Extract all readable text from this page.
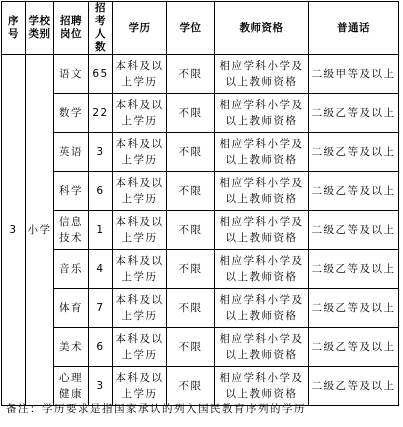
序号	学校类别	招聘岗位	招考人数	学历	学位	教师资格	普通话
3	小学	语文	65	本科及以上学历	不限	相应学科小学及以上教师资格	二级甲等及以上
		数学	22	本科及以上学历	不限	相应学科小学及以上教师资格	二级乙等及以上
		英语	3	本科及以上学历	不限	相应学科小学及以上教师资格	二级乙等及以上
		科学	6	本科及以上学历	不限	相应学科小学及以上教师资格	二级乙等及以上
		信息技术	1	本科及以上学历	不限	相应学科小学及以上教师资格	二级乙等及以上
		音乐	4	本科及以上学历	不限	相应学科小学及以上教师资格	二级乙等及以上
		体育	7	本科及以上学历	不限	相应学科小学及以上教师资格	二级乙等及以上
		美术	6	本科及以上学历	不限	相应学科小学及以上教师资格	二级乙等及以上
		心理健康	3	本科及以上学历	不限	相应学科小学及以上教师资格	二级乙等及以上
备注：学历要求是指国家承认的列入国民教育序列的学历
